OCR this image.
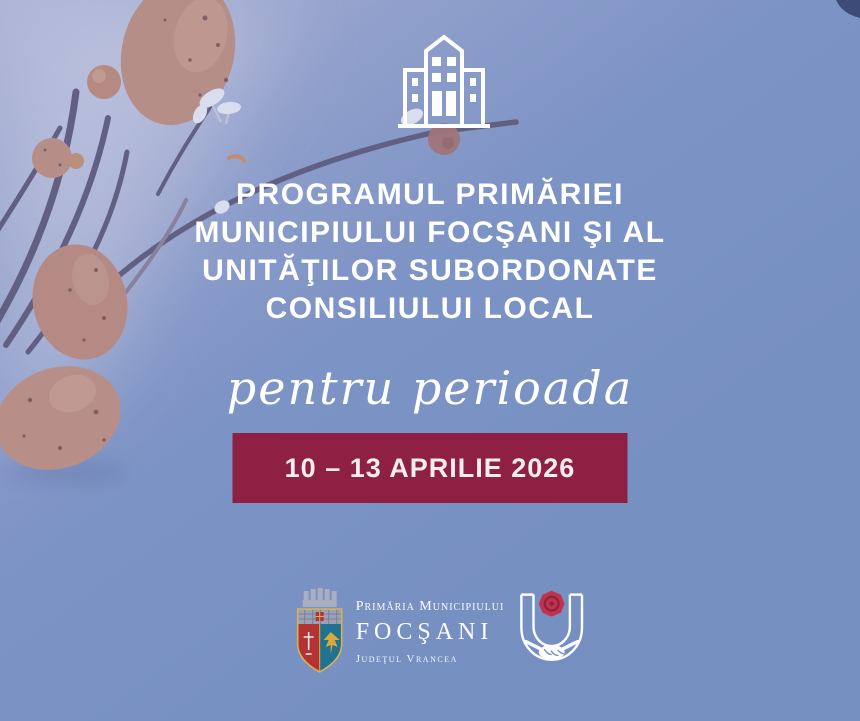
PROGRAMUL PRIMĂRIEI
MUNICIPIULUI FOCŞANI ŞI AL
UNITĂŢILOR SUBORDONATE
CONSILIULUI LOCAL
pentru perioada
10 – 13 APRILIE 2026
Primăria Municipiului
FOCŞANI
Judeţul Vrancea
